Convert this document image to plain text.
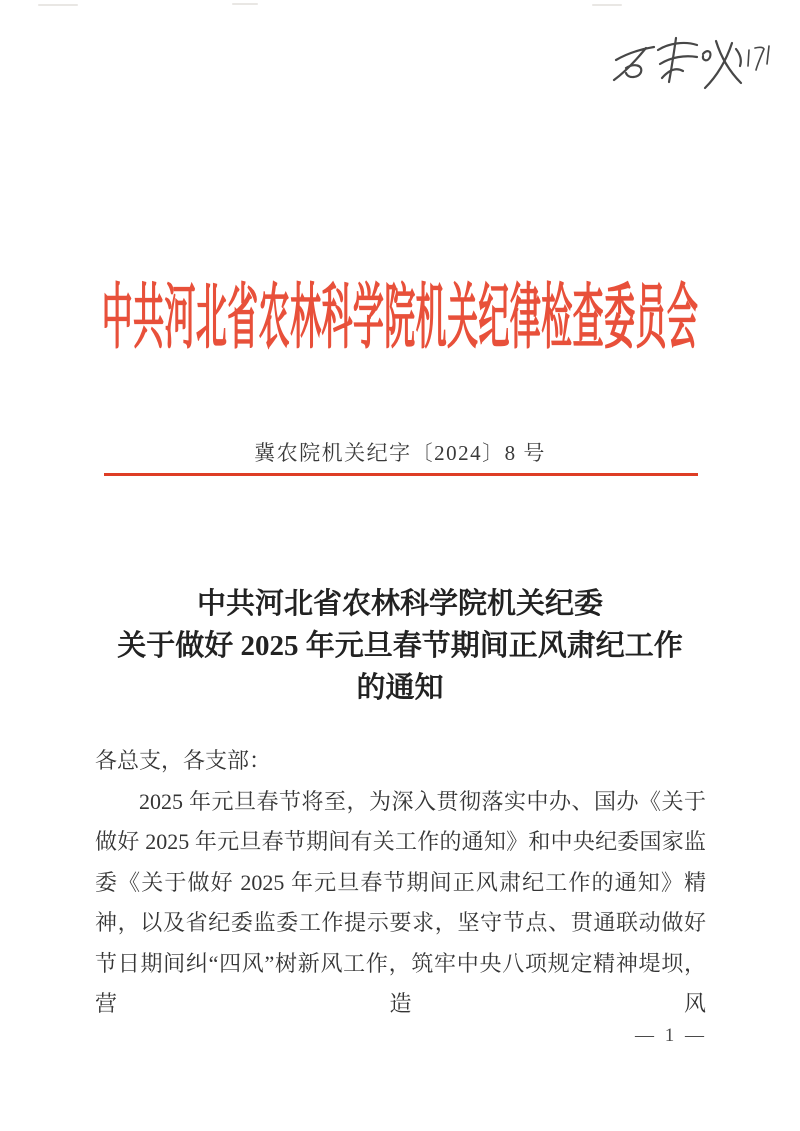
中共河北省农林科学院机关纪律检查委员会
冀农院机关纪字〔2024〕8 号
中共河北省农林科学院机关纪委
关于做好 2025 年元旦春节期间正风肃纪工作
的通知

各总支，各支部：

2025 年元旦春节将至，为深入贯彻落实中办、国办《关于做好 2025 年元旦春节期间有关工作的通知》和中央纪委国家监委《关于做好 2025 年元旦春节期间正风肃纪工作的通知》精神，以及省纪委监委工作提示要求，坚守节点、贯通联动做好节日期间纠“四风”树新风工作，筑牢中央八项规定精神堤坝，营造风

— 1 —
